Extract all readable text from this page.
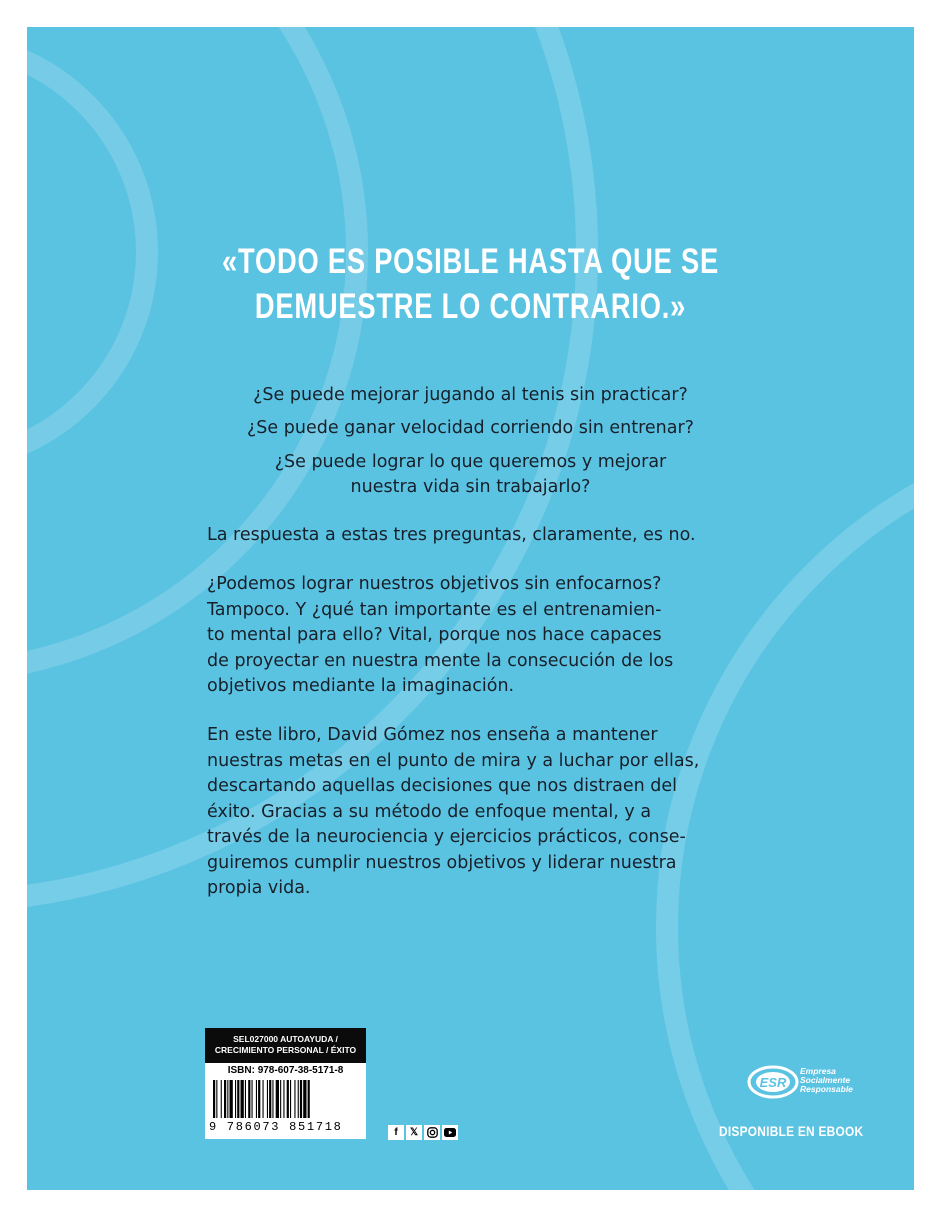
«TODO ES POSIBLE HASTA QUE SE
DEMUESTRE LO CONTRARIO.»
¿Se puede mejorar jugando al tenis sin practicar?
¿Se puede ganar velocidad corriendo sin entrenar?
¿Se puede lograr lo que queremos y mejorar
nuestra vida sin trabajarlo?
La respuesta a estas tres preguntas, claramente, es no.
¿Podemos lograr nuestros objetivos sin enfocarnos?
Tampoco. Y ¿qué tan importante es el entrenamien-
to mental para ello? Vital, porque nos hace capaces
de proyectar en nuestra mente la consecución de los
objetivos mediante la imaginación.
En este libro, David Gómez nos enseña a mantener
nuestras metas en el punto de mira y a luchar por ellas,
descartando aquellas decisiones que nos distraen del
éxito. Gracias a su método de enfoque mental, y a
través de la neurociencia y ejercicios prácticos, conse-
guiremos cumplir nuestros objetivos y liderar nuestra
propia vida.
SEL027000 AUTOAYUDA /
CRECIMIENTO PERSONAL / ÉXITO
ISBN: 978-607-38-5171-8
9 786073 851718	f	𝕏
ESR
Empresa
Socialmente
Responsable
DISPONIBLE EN EBOOK
